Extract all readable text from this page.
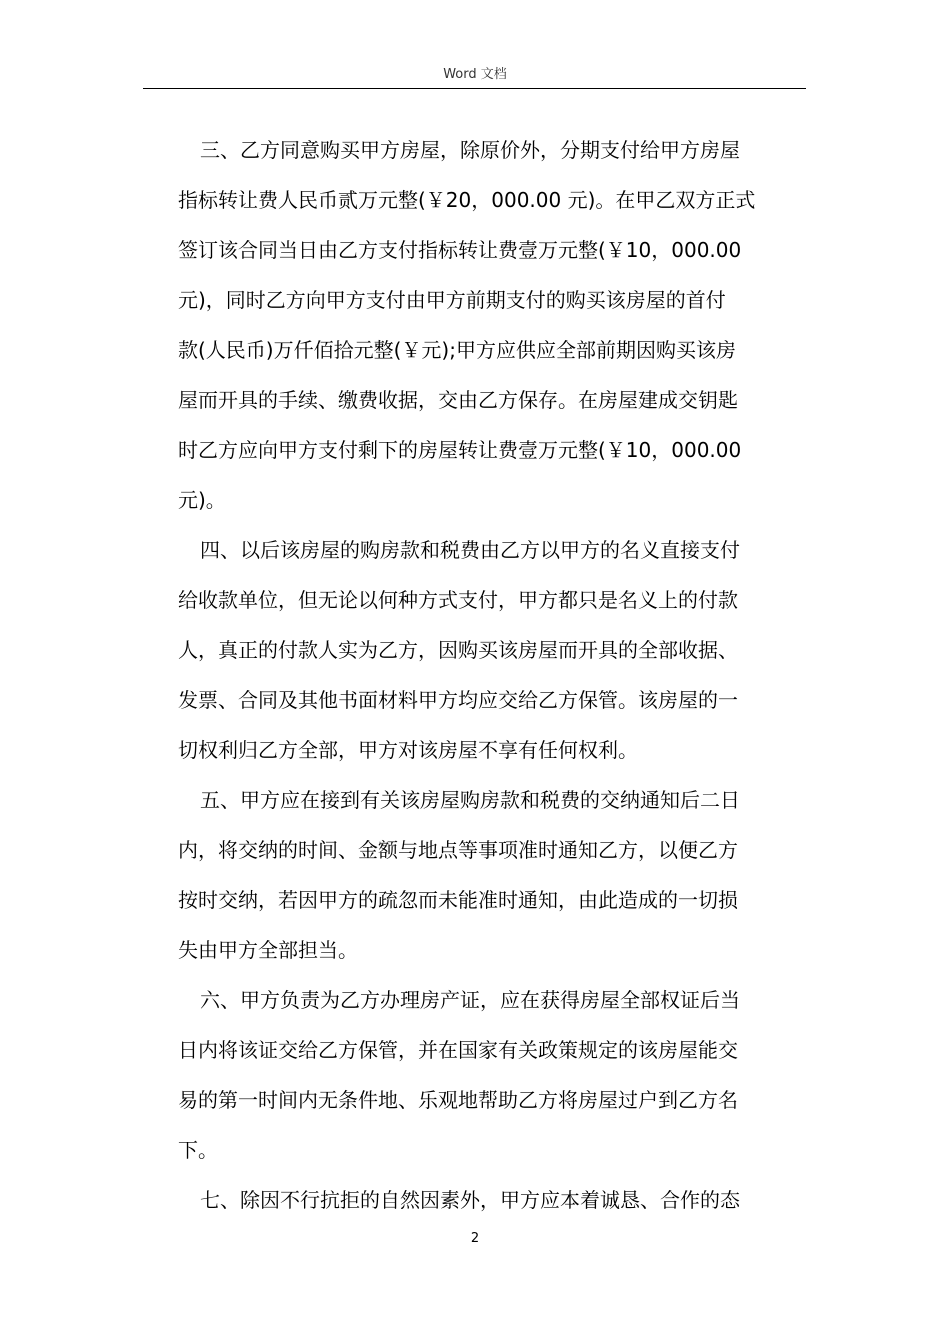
Word 文档
三、乙方同意购买甲方房屋，除原价外，分期支付给甲方房屋
指标转让费人民币贰万元整(￥20，000.00 元)。在甲乙双方正式
签订该合同当日由乙方支付指标转让费壹万元整(￥10，000.00
元)，同时乙方向甲方支付由甲方前期支付的购买该房屋的首付
款(人民币)万仟佰拾元整(￥元);甲方应供应全部前期因购买该房
屋而开具的手续、缴费收据，交由乙方保存。在房屋建成交钥匙
时乙方应向甲方支付剩下的房屋转让费壹万元整(￥10，000.00
元)。
四、以后该房屋的购房款和税费由乙方以甲方的名义直接支付
给收款单位，但无论以何种方式支付，甲方都只是名义上的付款
人，真正的付款人实为乙方，因购买该房屋而开具的全部收据、
发票、合同及其他书面材料甲方均应交给乙方保管。该房屋的一
切权利归乙方全部，甲方对该房屋不享有任何权利。
五、甲方应在接到有关该房屋购房款和税费的交纳通知后二日
内，将交纳的时间、金额与地点等事项准时通知乙方，以便乙方
按时交纳，若因甲方的疏忽而未能准时通知，由此造成的一切损
失由甲方全部担当。
六、甲方负责为乙方办理房产证，应在获得房屋全部权证后当
日内将该证交给乙方保管，并在国家有关政策规定的该房屋能交
易的第一时间内无条件地、乐观地帮助乙方将房屋过户到乙方名
下。
七、除因不行抗拒的自然因素外，甲方应本着诚恳、合作的态
2
